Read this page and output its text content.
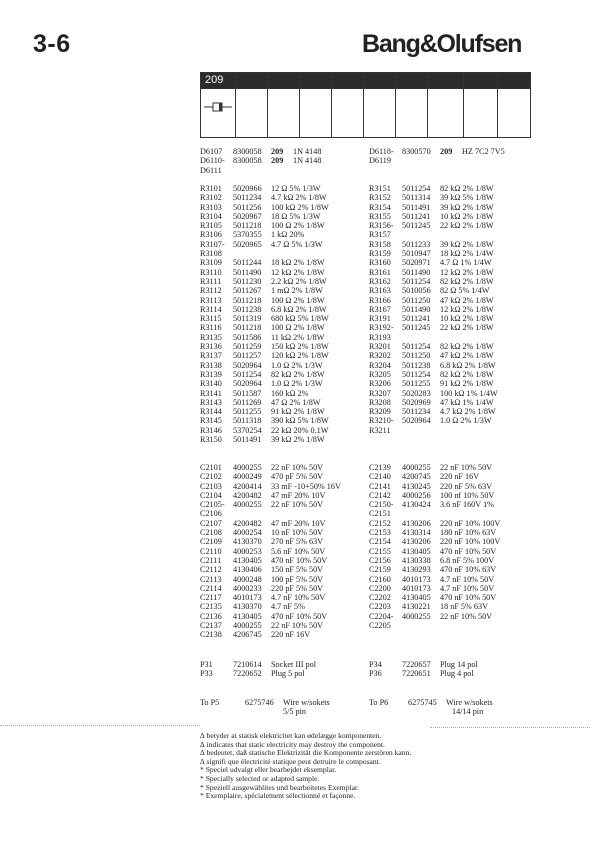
3-6	Bang&Olufsen
209
D6107	8300058	209	1N 4148
D6110-	8300058	209	1N 4148
D6111
D6118-	8300570	209	HZ 7C2 7V5
D6119
R3101	5020966	12 Ω 5% 1/3W
R3102	5011234	4.7 kΩ 2% 1/8W
R3103	5011256	100 kΩ 2% 1/8W
R3104	5020967	18 Ω 5% 1/3W
R3105	5011218	100 Ω 2% 1/8W
R3106	5370355	1 kΩ 20%
R3107-	5020965	4.7 Ω 5% 1/3W
R3108
R3109	5011244	18 kΩ 2% 1/8W
R3110	5011490	12 kΩ 2% 1/8W
R3111	5011230	2.2 kΩ 2% 1/8W
R3112	5011267	1 mΩ 2% 1/8W
R3113	5011218	100 Ω 2% 1/8W
R3114	5011238	6.8 kΩ 2% 1/8W
R3115	5011319	680 kΩ 5% 1/8W
R3116	5011218	100 Ω 2% 1/8W
R3135	5011586	11 kΩ 2% 1/8W
R3136	5011259	150 kΩ 2% 1/8W
R3137	5011257	120 kΩ 2% 1/8W
R3138	5020964	1.0 Ω 2% 1/3W
R3139	5011254	82 kΩ 2% 1/8W
R3140	5020964	1.0 Ω 2% 1/3W
R3141	5011587	160 kΩ 2%
R3143	5011269	47 Ω 2% 1/8W
R3144	5011255	91 kΩ 2% 1/8W
R3145	5011318	390 kΩ 5% 1/8W
R3146	5370254	22 kΩ 20% 0.1W
R3150	5011491	39 kΩ 2% 1/8W
R3151	5011254	82 kΩ 2% 1/8W
R3152	5011314	39 kΩ 5% 1/8W
R3154	5011491	39 kΩ 2% 1/8W
R3155	5011241	10 kΩ 2% 1/8W
R3156-	5011245	22 kΩ 2% 1/8W
R3157
R3158	5011233	39 kΩ 2% 1/8W
R3159	5010947	18 kΩ 2% 1/4W
R3160	5020971	4.7 Ω 1% 1/4W
R3161	5011490	12 kΩ 2% 1/8W
R3162	5011254	82 kΩ 2% 1/8W
R3163	5010056	82 Ω 5% 1/4W
R3166	5011250	47 kΩ 2% 1/8W
R3167	5011490	12 kΩ 2% 1/8W
R3191	5011241	10 kΩ 2% 1/8W
R3192-	5011245	22 kΩ 2% 1/8W
R3193
R3201	5011254	82 kΩ 2% 1/8W
R3202	5011250	47 kΩ 2% 1/8W
R3204	5011238	6.8 kΩ 2% 1/8W
R3205	5011254	82 kΩ 2% 1/8W
R3206	5011255	91 kΩ 2% 1/8W
R3207	5020283	100 kΩ 1% 1/4W
R3208	5020969	47 kΩ 1% 1/4W
R3209	5011234	4.7 kΩ 2% 1/8W
R3210-	5020964	1.0 Ω 2% 1/3W
R3211
C2101	4000255	22 nF 10% 50V
C2102	4000249	470 pF 5% 50V
C2103	4200414	33 mF -10+50% 16V
C2104	4200482	47 mF 20% 10V
C2105-	4000255	22 nF 10% 50V
C2106
C2107	4200482	47 mF 20% 10V
C2108	4000254	10 nF 10% 50V
C2109	4130370	270 nF 5% 63V
C2110	4000253	5.6 nF 10% 50V
C2111	4130405	470 nF 10% 50V
C2112	4130406	150 nF 5% 50V
C2113	4000248	100 pF 5% 50V
C2114	4000233	220 pF 5% 50V
C2117	4010173	4.7 nF 10% 50V
C2135	4130370	4.7 nF 5%
C2136	4130405	470 nF 10% 50V
C2137	4000255	22 nF 10% 50V
C2138	4206745	220 nF 16V
C2139	4000255	22 nF 10% 50V
C2140	4200745	220 nF 16V
C2141	4130245	220 nF 5% 63V
C2142	4000256	100 nf 10% 50V
C2150-	4130424	3.6 nF 160V 1%
C2151
C2152	4130206	220 nF 10% 100V
C2153	4130314	180 nF 10% 63V
C2154	4130206	220 nF 10% 100V
C2155	4130405	470 nF 10% 50V
C2156	4130338	6.8 nF 5% 100V
C2159	4130293	470 nF 10% 63V
C2160	4010173	4.7 nF 10% 50V
C2200	4010173	4.7 nF 10% 50V
C2202	4130405	470 nF 10% 50V
C2203	4130221	18 nF 5% 63V
C2204-	4000255	22 nF 10% 50V
C2205
P31	7210614	Socket III pol
P33	7220652	Plug 5 pol
P34	7220657	Plug 14 pol
P36	7220651	Plug 4 pol
To P5	6275746	Wire w/sokets
5/5 pin
To P6	6275745	Wire w/sokets
14/14 pin
∆ betyder at statisk elektricitet kan ødelægge komponenten.
∆ indicates that static electricity may destroy the component.
∆ bedeutet, daß statische Elektrizität die Komponente zerstören kann.
∆ signifi que électricité statique peut detruire le composant.
* Speciel udvalgt eller bearbejdet eksemplar.
* Specially selected or adapted sample.
* Speziell ausgewählites und bearbeitetes Exemplar.
* Exemplaire, spécialement sélectionné et façonne.
